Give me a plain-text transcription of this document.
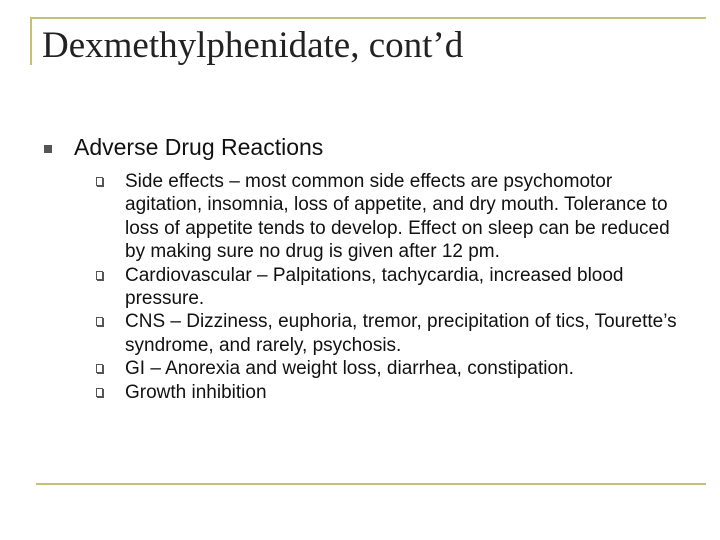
Dexmethylphenidate, cont’d
Adverse Drug Reactions
Side effects – most common side effects are psychomotor agitation, insomnia, loss of appetite, and dry mouth. Tolerance to loss of appetite tends to develop. Effect on sleep can be reduced by making sure no drug is given after 12 pm.
Cardiovascular – Palpitations, tachycardia, increased blood pressure.
CNS – Dizziness, euphoria, tremor, precipitation of tics, Tourette’s syndrome, and rarely, psychosis.
GI – Anorexia and weight loss, diarrhea, constipation.
Growth inhibition
